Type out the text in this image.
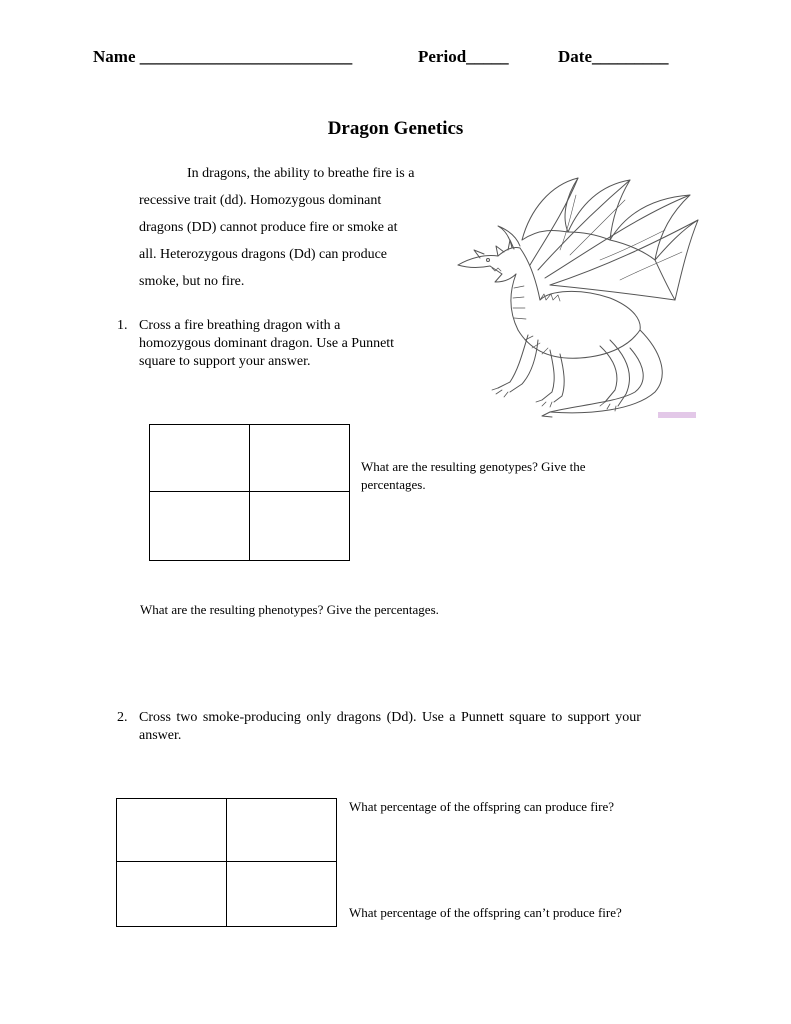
Name _________________________	Period_____	Date_________
Dragon Genetics

In dragons, the ability to breathe fire is a

recessive trait (dd). Homozygous dominant

dragons (DD) cannot produce fire or smoke at

all. Heterozygous dragons (Dd) can produce

smoke, but no fire.

1. Cross a fire breathing dragon with a
homozygous dominant dragon. Use a Punnett
square to support your answer.
What are the resulting genotypes? Give the
percentages.
What are the resulting phenotypes? Give the percentages.
2. Cross two smoke-producing only dragons (Dd). Use a Punnett square to support your
answer.
What percentage of the offspring can produce fire?
What percentage of the offspring can’t produce fire?
